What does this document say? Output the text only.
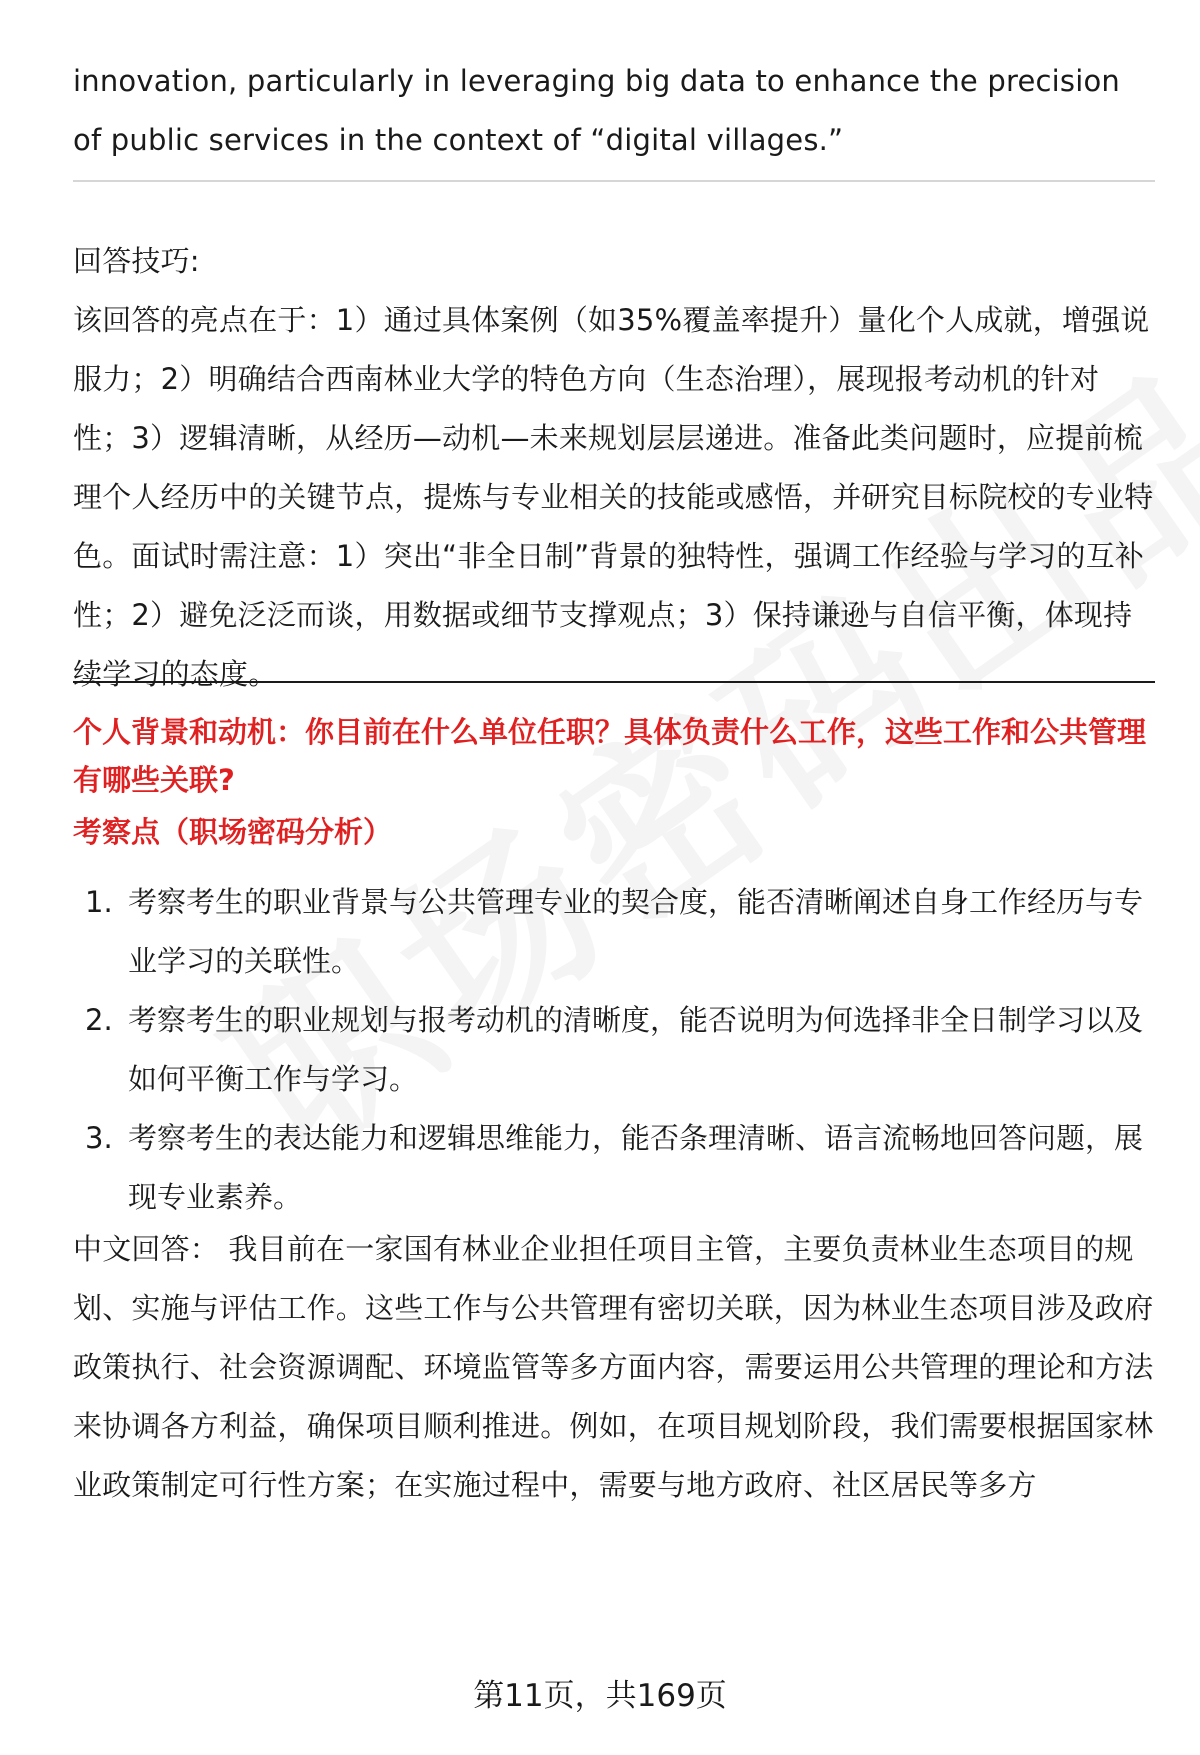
innovation, particularly in leveraging big data to enhance the precision of public services in the context of “digital villages.”

回答技巧:

该回答的亮点在于：1）通过具体案例（如35%覆盖率提升）量化个人成就，增强说服力；2）明确结合西南林业大学的特色方向（生态治理），展现报考动机的针对性；3）逻辑清晰，从经历—动机—未来规划层层递进。准备此类问题时，应提前梳理个人经历中的关键节点，提炼与专业相关的技能或感悟，并研究目标院校的专业特色。面试时需注意：1）突出“非全日制”背景的独特性，强调工作经验与学习的互补性；2）避免泛泛而谈，用数据或细节支撑观点；3）保持谦逊与自信平衡，体现持续学习的态度。

个人背景和动机：你目前在什么单位任职？具体负责什么工作，这些工作和公共管理有哪些关联?

考察点（职场密码分析）

1. 考察考生的职业背景与公共管理专业的契合度，能否清晰阐述自身工作经历与专业学习的关联性。
2. 考察考生的职业规划与报考动机的清晰度，能否说明为何选择非全日制学习以及如何平衡工作与学习。
3. 考察考生的表达能力和逻辑思维能力，能否条理清晰、语言流畅地回答问题，展现专业素养。

中文回答： 我目前在一家国有林业企业担任项目主管，主要负责林业生态项目的规划、实施与评估工作。这些工作与公共管理有密切关联，因为林业生态项目涉及政府政策执行、社会资源调配、环境监管等多方面内容，需要运用公共管理的理论和方法来协调各方利益，确保项目顺利推进。例如，在项目规划阶段，我们需要根据国家林业政策制定可行性方案；在实施过程中，需要与地方政府、社区居民等多方

第11页，共169页
